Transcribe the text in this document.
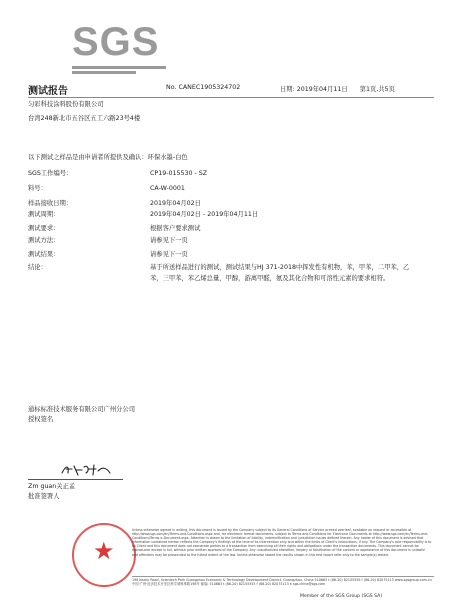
SGS
测试报告	No. CANEC1905324702	日期: 2019年04月11日 第1页,共5页
匀彩科技涂料股份有限公司
台湾248新北市五谷区五工六路23号4楼
以下测试之样品是由申请者所提供及确认：环保水墨-白色
SGS工作编号：	CP19-015530 - SZ
料号：	CA-W-0001
样品接收日期：	2019年04月02日
测试周期：	2019年04月02日 - 2019年04月11日
测试要求：	根据客户要求测试
测试方法：	请参见下一页
测试结果：	请参见下一页
结论：	基于所送样品进行的测试，测试结果与HJ 371-2018中挥发性有机物，苯，甲苯，二甲苯，乙苯，三甲苯，苯乙烯总量，甲醇，游离甲醛，氨及其化合物和可溶性元素的要求相符。
通标标准技术服务有限公司广州分公司
授权签名
Zm guan关正孟
批准签署人
★
Unless otherwise agreed in writing, this document is issued by the Company subject to its General Conditions of Service printed overleaf, available on request or accessible at http://www.sgs.com/en/Terms-and-Conditions.aspx and, for electronic format documents, subject to Terms and Conditions for Electronic Documents at http://www.sgs.com/en/Terms-and-Conditions/Terms-e-Document.aspx. Attention is drawn to the limitation of liability, indemnification and jurisdiction issues defined therein. Any holder of this document is advised that information contained hereon reflects the Company's findings at the time of its intervention only and within the limits of Client's instructions, if any. The Company's sole responsibility is to its Client and this document does not exonerate parties to a transaction from exercising all their rights and obligations under the transaction documents. This document cannot be reproduced except in full, without prior written approval of the Company. Any unauthorized alteration, forgery or falsification of the content or appearance of this document is unlawful and offenders may be prosecuted to the fullest extent of the law. Unless otherwise stated the results shown in this test report refer only to the sample(s) tested.
198 Kezhu Road, Scientech Park Guangzhou Economic & Technology Development District, Guangzhou, China 510663 t (86-20) 82155555 f (86-20) 82075113 www.sgsgroup.com.cn
中国·广州·经济技术开发区科学城科珠路198号 邮编: 510663 t (86-20) 82155555 f (86-20) 82075113 e sgs.china@sgs.com
Member of the SGS Group (SGS SA)
